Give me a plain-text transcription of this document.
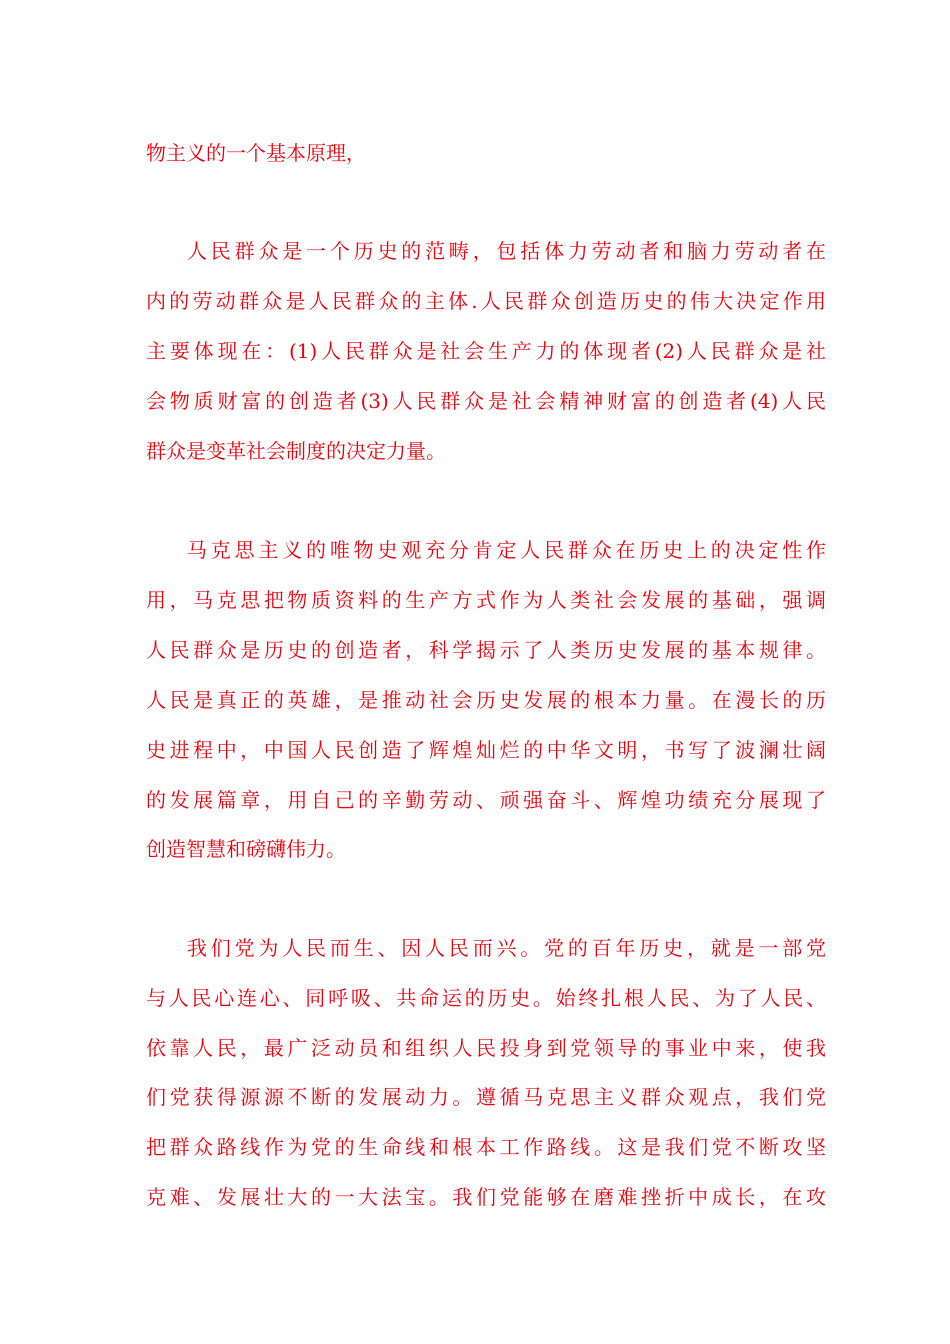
物主义的一个基本原理，
人民群众是一个历史的范畴，包括体力劳动者和脑力劳动者在
内的劳动群众是人民群众的主体.人民群众创造历史的伟大决定作用
主要体现在：(1)人民群众是社会生产力的体现者(2)人民群众是社
会物质财富的创造者(3)人民群众是社会精神财富的创造者(4)人民
群众是变革社会制度的决定力量。
马克思主义的唯物史观充分肯定人民群众在历史上的决定性作
用，马克思把物质资料的生产方式作为人类社会发展的基础，强调
人民群众是历史的创造者，科学揭示了人类历史发展的基本规律。
人民是真正的英雄，是推动社会历史发展的根本力量。在漫长的历
史进程中，中国人民创造了辉煌灿烂的中华文明，书写了波澜壮阔
的发展篇章，用自己的辛勤劳动、顽强奋斗、辉煌功绩充分展现了
创造智慧和磅礴伟力。
我们党为人民而生、因人民而兴。党的百年历史，就是一部党
与人民心连心、同呼吸、共命运的历史。始终扎根人民、为了人民、
依靠人民，最广泛动员和组织人民投身到党领导的事业中来，使我
们党获得源源不断的发展动力。遵循马克思主义群众观点，我们党
把群众路线作为党的生命线和根本工作路线。这是我们党不断攻坚
克难、发展壮大的一大法宝。我们党能够在磨难挫折中成长，在攻
